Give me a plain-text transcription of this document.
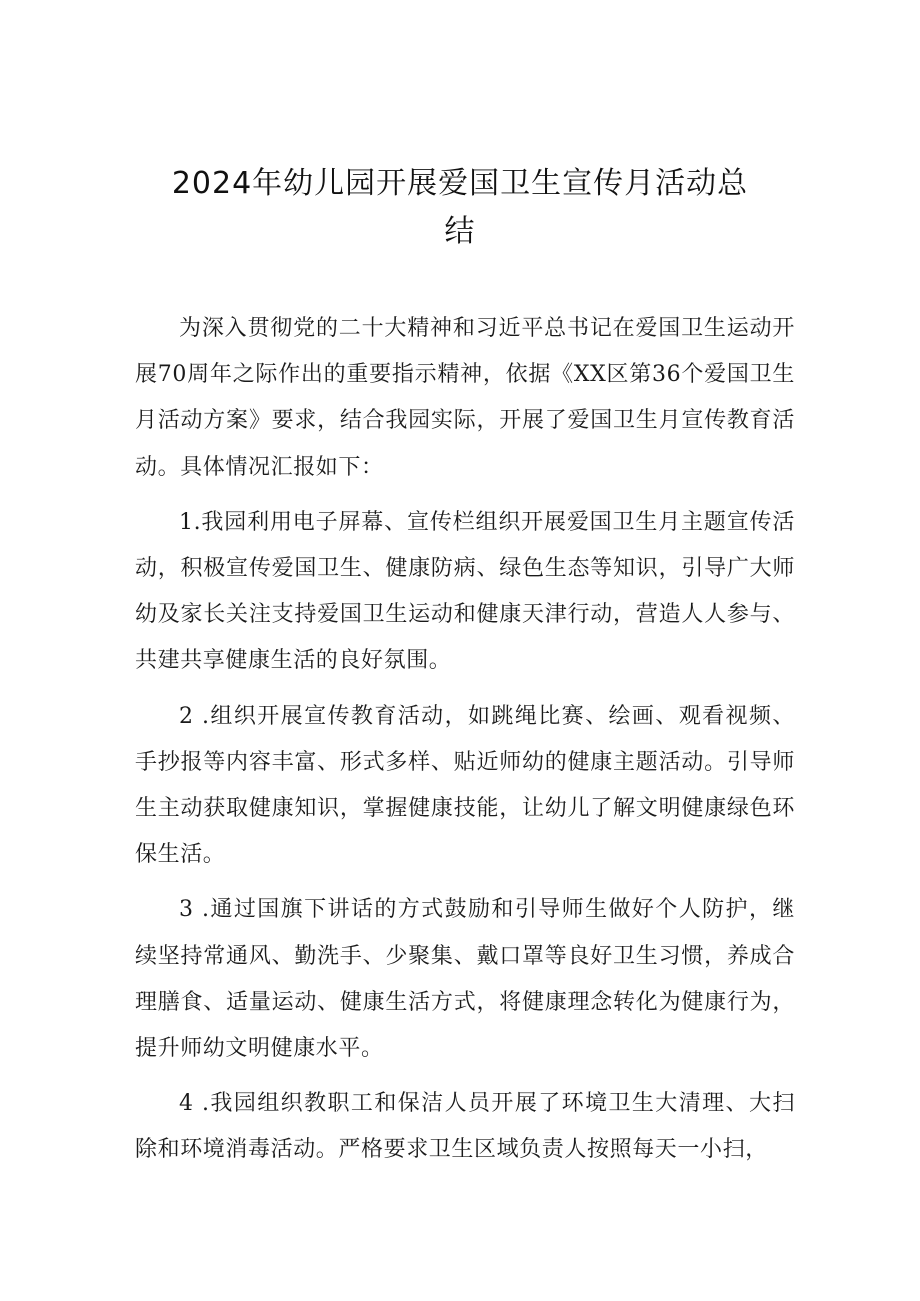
2024年幼儿园开展爱国卫生宣传月活动总
结

为深入贯彻党的二十大精神和习近平总书记在爱国卫生运动开展70周年之际作出的重要指示精神，依据《XX区第36个爱国卫生月活动方案》要求，结合我园实际，开展了爱国卫生月宣传教育活动。具体情况汇报如下：

1.我园利用电子屏幕、宣传栏组织开展爱国卫生月主题宣传活动，积极宣传爱国卫生、健康防病、绿色生态等知识，引导广大师幼及家长关注支持爱国卫生运动和健康天津行动，营造人人参与、共建共享健康生活的良好氛围。

2 .组织开展宣传教育活动，如跳绳比赛、绘画、观看视频、手抄报等内容丰富、形式多样、贴近师幼的健康主题活动。引导师生主动获取健康知识，掌握健康技能，让幼儿了解文明健康绿色环保生活。

3 .通过国旗下讲话的方式鼓励和引导师生做好个人防护，继续坚持常通风、勤洗手、少聚集、戴口罩等良好卫生习惯，养成合理膳食、适量运动、健康生活方式，将健康理念转化为健康行为，提升师幼文明健康水平。

4 .我园组织教职工和保洁人员开展了环境卫生大清理、大扫除和环境消毒活动。严格要求卫生区域负责人按照每天一小扫，
